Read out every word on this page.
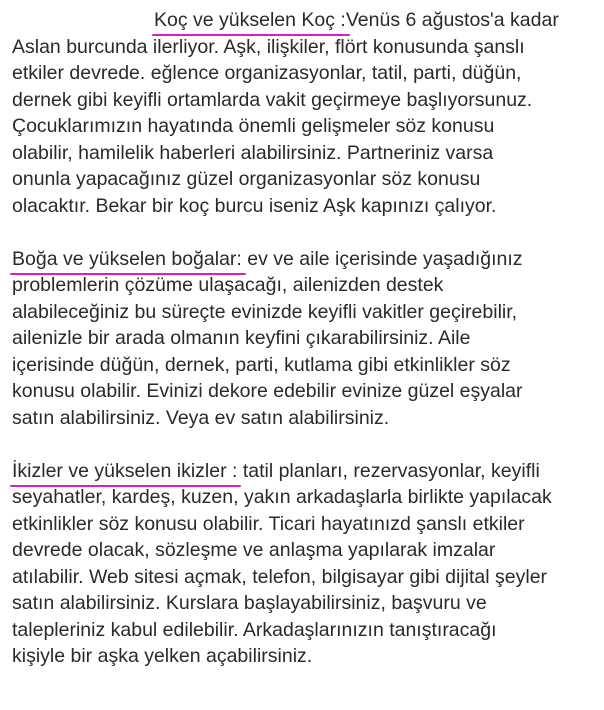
Koç ve yükselen Koç :
Venüs 6 ağustos'a kadar
Aslan burcunda ilerliyor. Aşk, ilişkiler, flört konusunda şanslı
etkiler devrede. eğlence organizasyonlar, tatil, parti, düğün,
dernek gibi keyifli ortamlarda vakit geçirmeye başlıyorsunuz.
Çocuklarımızın hayatında önemli gelişmeler söz konusu
olabilir, hamilelik haberleri alabilirsiniz. Partneriniz varsa
onunla yapacağınız güzel organizasyonlar söz konusu
olacaktır. Bekar bir koç burcu iseniz Aşk kapınızı çalıyor.
Boğa ve yükselen boğalar:
ev ve aile içerisinde yaşadığınız
problemlerin çözüme ulaşacağı, ailenizden destek
alabileceğiniz bu süreçte evinizde keyifli vakitler geçirebilir,
ailenizle bir arada olmanın keyfini çıkarabilirsiniz. Aile
içerisinde düğün, dernek, parti, kutlama gibi etkinlikler söz
konusu olabilir. Evinizi dekore edebilir evinize güzel eşyalar
satın alabilirsiniz. Veya ev satın alabilirsiniz.
İkizler ve yükselen ikizler :
tatil planları, rezervasyonlar, keyifli
seyahatler, kardeş, kuzen, yakın arkadaşlarla birlikte yapılacak
etkinlikler söz konusu olabilir. Ticari hayatınızd şanslı etkiler
devrede olacak, sözleşme ve anlaşma yapılarak imzalar
atılabilir. Web sitesi açmak, telefon, bilgisayar gibi dijital şeyler
satın alabilirsiniz. Kurslara başlayabilirsiniz, başvuru ve
talepleriniz kabul edilebilir. Arkadaşlarınızın tanıştıracağı
kişiyle bir aşka yelken açabilirsiniz.
